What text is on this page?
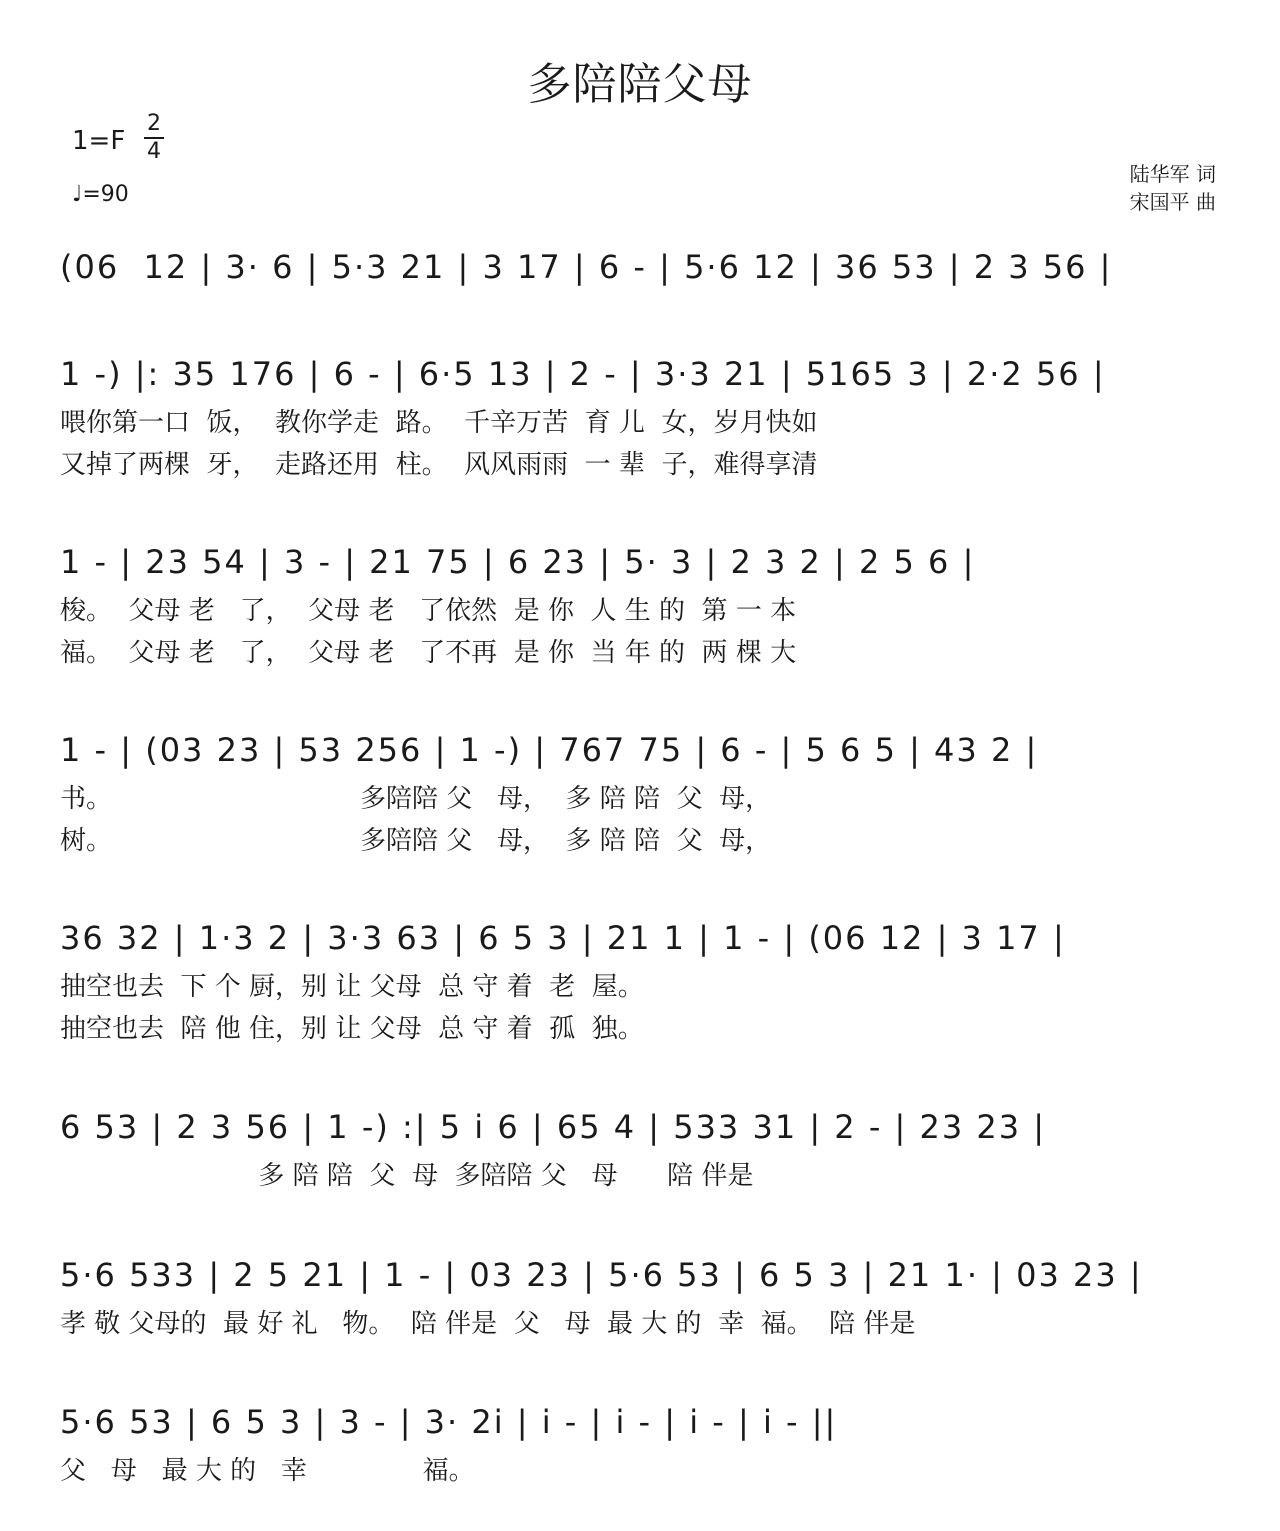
多陪陪父母
1=F
2
4
♩=90
陆华军 词
宋国平 曲
(06  12 | 3· 6 | 5·3 21 | 3 17 | 6 - | 5·6 12 | 36 53 | 2 3 56 |
1 -) |: 35 176 | 6 - | 6·5 13 | 2 - | 3·3 21 | 5165 3 | 2·2 56 |
喂你第一口  饭，  教你学走  路。  千辛万苦  育 儿  女，岁月快如
又掉了两棵  牙，  走路还用  柱。  风风雨雨  一 辈  子，难得享清
1 - | 23 54 | 3 - | 21 75 | 6 23 | 5· 3 | 2 3 2 | 2 5 6 |
梭。  父母 老   了，  父母 老   了依然  是 你  人 生 的  第 一 本
福。  父母 老   了，  父母 老   了不再  是 你  当 年 的  两 棵 大
1 - | (03 23 | 53 256 | 1 -) | 767 75 | 6 - | 5 6 5 | 43 2 |
书。                              多陪陪 父   母，  多 陪 陪  父  母，
树。                              多陪陪 父   母，  多 陪 陪  父  母，
36 32 | 1·3 2 | 3·3 63 | 6 5 3 | 21 1 | 1 - | (06 12 | 3 17 |
抽空也去  下 个 厨，别 让 父母  总 守 着  老  屋。
抽空也去  陪 他 住，别 让 父母  总 守 着  孤  独。
6 53 | 2 3 56 | 1 -) :| 5 i 6 | 65 4 | 533 31 | 2 - | 23 23 |
多 陪 陪  父  母  多陪陪 父   母      陪 伴是
5·6 533 | 2 5 21 | 1 - | 03 23 | 5·6 53 | 6 5 3 | 21 1· | 03 23 |
孝 敬 父母的  最 好 礼   物。  陪 伴是  父   母  最 大 的  幸  福。  陪 伴是
5·6 53 | 6 5 3 | 3 - | 3· 2i | i - | i - | i - | i - ||
父   母   最 大 的   幸              福。
